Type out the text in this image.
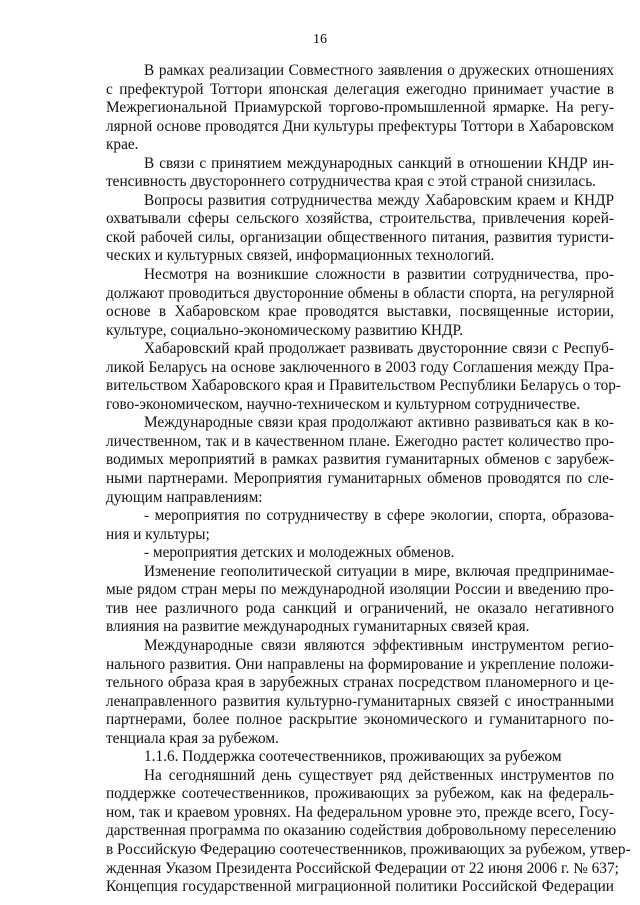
16
В рамках реализации Совместного заявления о дружеских отношениях
с префектурой Тоттори японская делегация ежегодно принимает участие в
Межрегиональной Приамурской торгово-промышленной ярмарке. На регу-
лярной основе проводятся Дни культуры префектуры Тоттори в Хабаровском
крае.
В связи с принятием международных санкций в отношении КНДР ин-
тенсивность двустороннего сотрудничества края с этой страной снизилась.
Вопросы развития сотрудничества между Хабаровским краем и КНДР
охватывали сферы сельского хозяйства, строительства, привлечения корей-
ской рабочей силы, организации общественного питания, развития туристи-
ческих и культурных связей, информационных технологий.
Несмотря на возникшие сложности в развитии сотрудничества, про-
должают проводиться двусторонние обмены в области спорта, на регулярной
основе в Хабаровском крае проводятся выставки, посвященные истории,
культуре, социально-экономическому развитию КНДР.
Хабаровский край продолжает развивать двусторонние связи с Респуб-
ликой Беларусь на основе заключенного в 2003 году Соглашения между Пра-
вительством Хабаровского края и Правительством Республики Беларусь о тор-
гово-экономическом, научно-техническом и культурном сотрудничестве.
Международные связи края продолжают активно развиваться как в ко-
личественном, так и в качественном плане. Ежегодно растет количество про-
водимых мероприятий в рамках развития гуманитарных обменов с зарубеж-
ными партнерами. Мероприятия гуманитарных обменов проводятся по сле-
дующим направлениям:
- мероприятия по сотрудничеству в сфере экологии, спорта, образова-
ния и культуры;
- мероприятия детских и молодежных обменов.
Изменение геополитической ситуации в мире, включая предпринимае-
мые рядом стран меры по международной изоляции России и введению про-
тив нее различного рода санкций и ограничений, не оказало негативного
влияния на развитие международных гуманитарных связей края.
Международные связи являются эффективным инструментом регио-
нального развития. Они направлены на формирование и укрепление положи-
тельного образа края в зарубежных странах посредством планомерного и це-
ленаправленного развития культурно-гуманитарных связей с иностранными
партнерами, более полное раскрытие экономического и гуманитарного по-
тенциала края за рубежом.
1.1.6. Поддержка соотечественников, проживающих за рубежом
На сегодняшний день существует ряд действенных инструментов по
поддержке соотечественников, проживающих за рубежом, как на федераль-
ном, так и краевом уровнях. На федеральном уровне это, прежде всего, Госу-
дарственная программа по оказанию содействия добровольному переселению
в Российскую Федерацию соотечественников, проживающих за рубежом, утвер-
жденная Указом Президента Российской Федерации от 22 июня 2006 г. № 637;
Концепция государственной миграционной политики Российской Федерации
